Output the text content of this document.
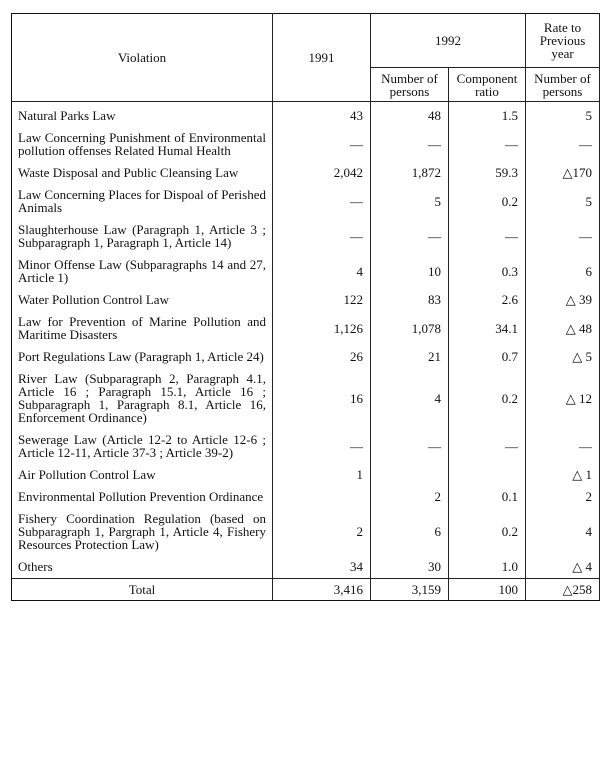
Violation	1991	1992		Rate to Previous year
		Number of persons	Component ratio	Number of persons
Natural Parks Law	43	48	1.5	5
Law Concerning Punishment of Environmental pollution offenses Related Humal Health	—	—	—	—
Waste Disposal and Public Cleansing Law	2,042	1,872	59.3	△170
Law Concerning Places for Dispoal of Perished Animals	—	5	0.2	5
Slaughterhouse Law (Paragraph 1, Article 3 ; Subparagraph 1, Paragraph 1, Article 14)	—	—	—	—
Minor Offense Law (Subparagraphs 14 and 27, Article 1)	4	10	0.3	6
Water Pollution Control Law	122	83	2.6	△ 39
Law for Prevention of Marine Pollution and Maritime Disasters	1,126	1,078	34.1	△ 48
Port Regulations Law (Paragraph 1, Article 24)	26	21	0.7	△ 5
River Law (Subparagraph 2, Paragraph 4.1, Article 16 ; Paragraph 15.1, Article 16 ; Subparagraph 1, Paragraph 8.1, Article 16, Enforcement Ordinance)	16	4	0.2	△ 12
Sewerage Law (Article 12-2 to Article 12-6 ; Article 12-11, Article 37-3 ; Article 39-2)	—	—	—	—
Air Pollution Control Law	1			△ 1
Environmental Pollution Prevention Ordinance		2	0.1	2
Fishery Coordination Regulation (based on Subparagraph 1, Pargraph 1, Article 4, Fishery Resources Protection Law)	2	6	0.2	4
Others	34	30	1.0	△ 4
Total	3,416	3,159	100	△258
